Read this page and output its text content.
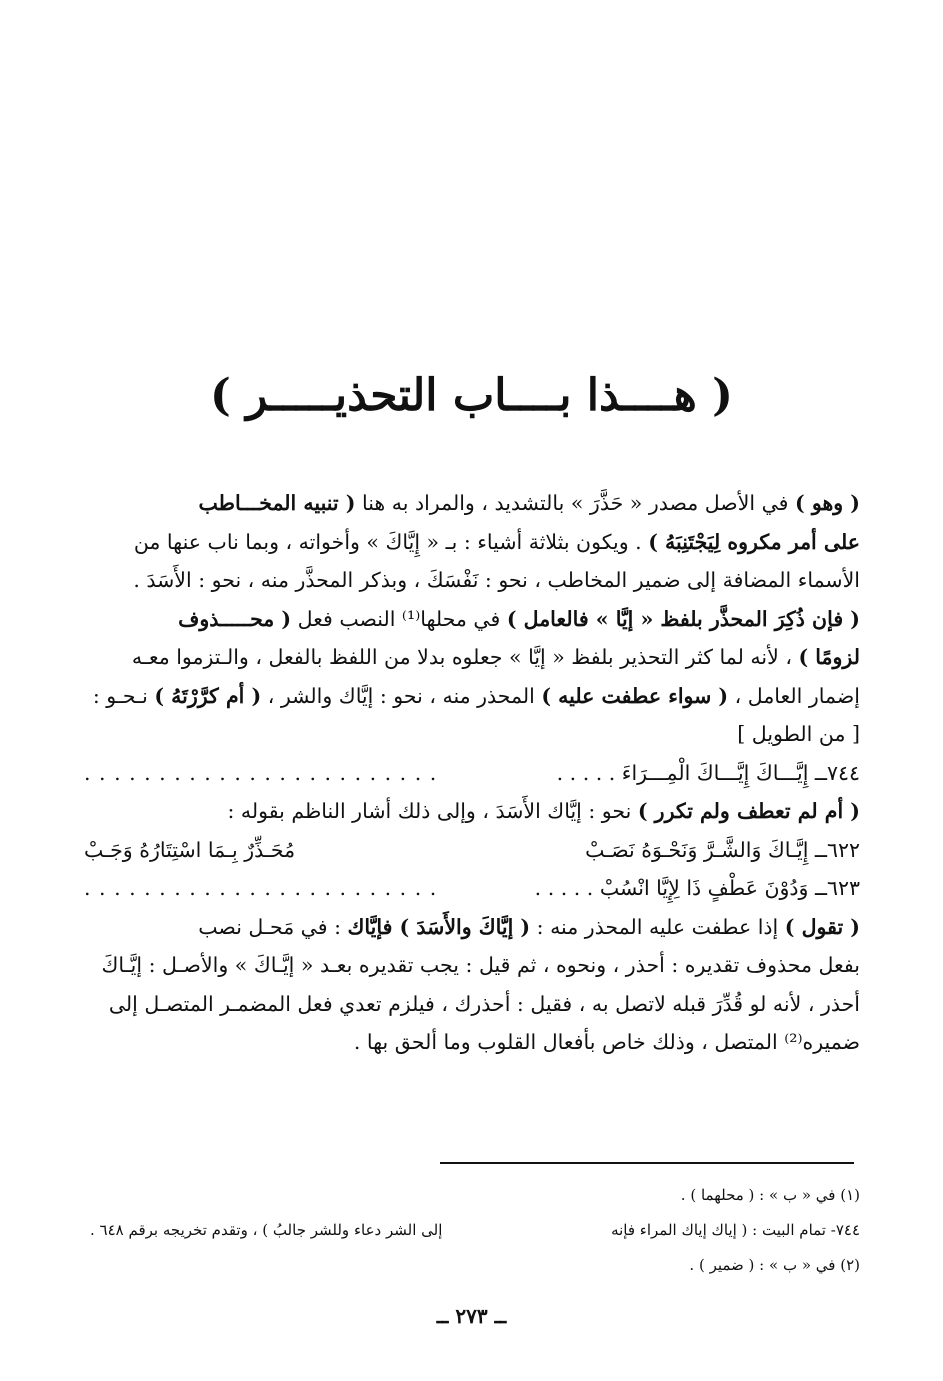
( هــــذا بــــاب التحذيـــــر )
( وهو ) في الأصل مصدر « حَذَّرَ » بالتشديد ، والمراد به هنا ( تنبيه المخـــاطب
على أمر مكروه لِيَجْتَنِبَهُ ) . ويكون بثلاثة أشياء : بـ « إِيَّاكَ » وأخواته ، وبما ناب عنها من
الأسماء المضافة إلى ضمير المخاطب ، نحو : نَفْسَكَ ، وبذكر المحذَّر منه ، نحو : الأَسَدَ .
( فإن ذُكِرَ المحذَّر بلفظ « إيَّا » فالعامل ) في محلها⁽¹⁾ النصب فعل ( محـــــذوف
لزومًا ) ، لأنه لما كثر التحذير بلفظ « إيَّا » جعلوه بدلا من اللفظ بالفعل ، والـتزموا معـه
إضمار العامل ، ( سواء عطفت عليه ) المحذر منه ، نحو : إيَّاك والشر ، ( أم كرَّرْتَهُ ) نـحـو :
[ من الطويل ]
٧٤٤ــ إِيَّـــاكَ إِيَّـــاكَ الْمِـــرَاءَ . . . . .
. . . . . . . . . . . . . . . . . . . . . . . .
( أم لم تعطف ولم تكرر ) نحو : إيَّاك الأَسَدَ ، وإلى ذلك أشار الناظم بقوله :
٦٢٢ــ إِيَّـاكَ وَالشَّـرَّ وَنَحْـوَهُ نَصَـبْ
مُحَـذِّرٌ بِـمَا اسْتِتَارُهُ وَجَـبْ
٦٢٣ــ وَدُوْنَ عَطْفٍ ذَا لِإِيَّا انْسُبْ . . . . .
. . . . . . . . . . . . . . . . . . . . . . . .
( تقول ) إذا عطفت عليه المحذر منه : ( إيَّاكَ والأَسَدَ ) فإيَّاك : في مَحـل نصب
بفعل محذوف تقديره : أحذر ، ونحوه ، ثم قيل : يجب تقديره بعـد « إيَّـاكَ » والأصـل : إيَّـاكَ
أحذر ، لأنه لو قُدِّرَ قبله لاتصل به ، فقيل : أحذرك ، فيلزم تعدي فعل المضمـر المتصـل إلى
ضميره⁽²⁾ المتصل ، وذلك خاص بأفعال القلوب وما ألحق بها .
(١) في « ب » : ( محلهما ) .
٧٤٤- تمام البيت : ( إياك إياك المراء فإنه
إلى الشر دعاء وللشر جالبُ ) ، وتقدم تخريجه برقم ٦٤٨ .
(٢) في « ب » : ( ضمير ) .
ــ ٢٧٣ ــ
